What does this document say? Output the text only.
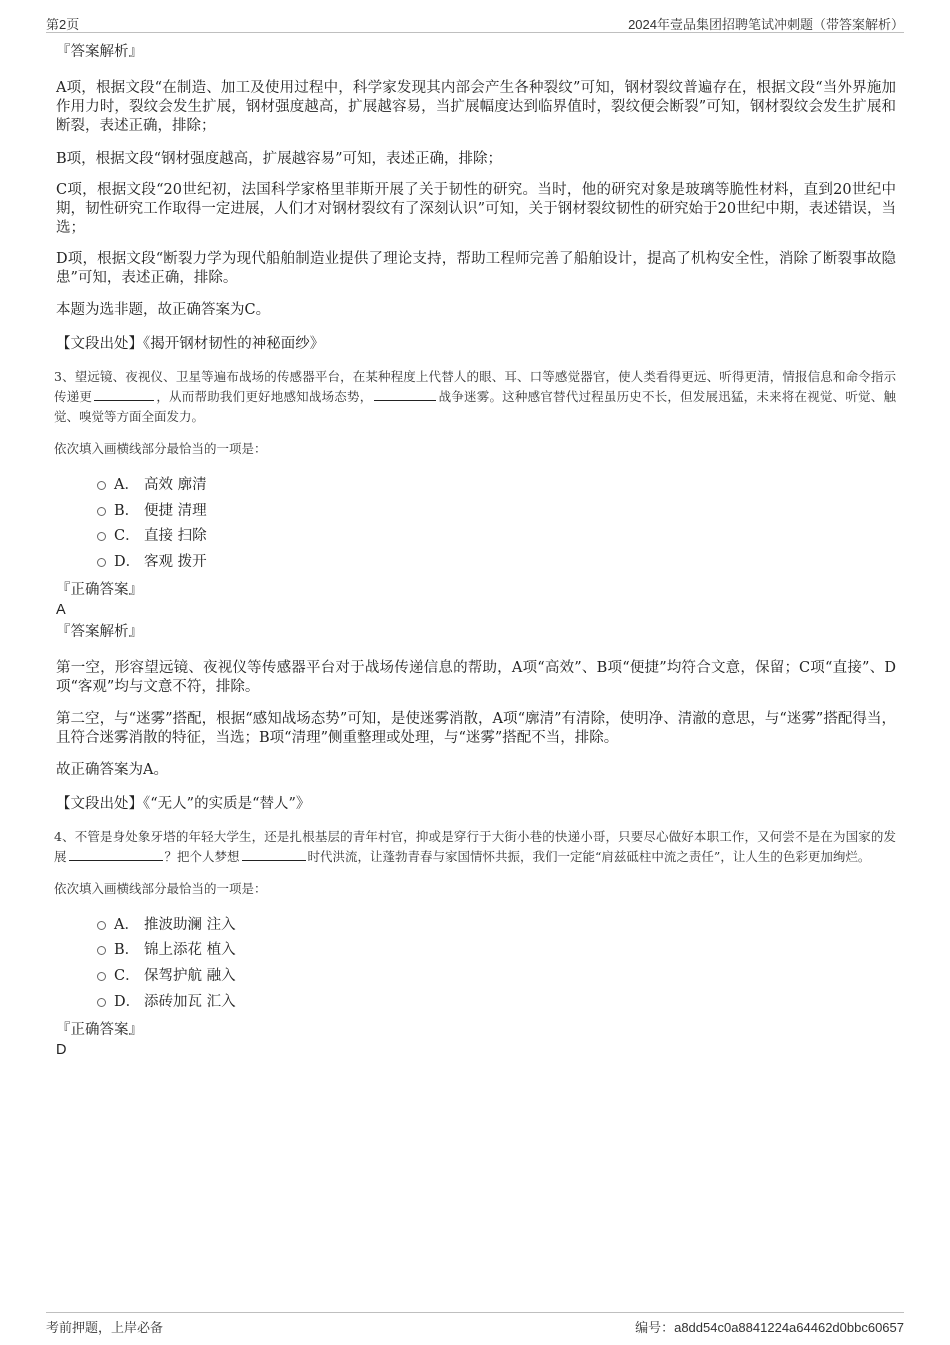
第2页	2024年壹品集团招聘笔试冲刺题（带答案解析）

『答案解析』

A项，根据文段“在制造、加工及使用过程中，科学家发现其内部会产生各种裂纹”可知，钢材裂纹普遍存在，根据文段“当外界施加作用力时，裂纹会发生扩展，钢材强度越高，扩展越容易，当扩展幅度达到临界值时，裂纹便会断裂”可知，钢材裂纹会发生扩展和断裂，表述正确，排除；

B项，根据文段“钢材强度越高，扩展越容易”可知，表述正确，排除；

C项，根据文段“20世纪初，法国科学家格里菲斯开展了关于韧性的研究。当时，他的研究对象是玻璃等脆性材料，直到20世纪中期，韧性研究工作取得一定进展，人们才对钢材裂纹有了深刻认识”可知，关于钢材裂纹韧性的研究始于20世纪中期，表述错误，当选；

D项，根据文段“断裂力学为现代船舶制造业提供了理论支持，帮助工程师完善了船舶设计，提高了机构安全性，消除了断裂事故隐患”可知，表述正确，排除。

本题为选非题，故正确答案为C。

【文段出处】《揭开钢材韧性的神秘面纱》

3、望远镜、夜视仪、卫星等遍布战场的传感器平台，在某种程度上代替人的眼、耳、口等感觉器官，使人类看得更远、听得更清，情报信息和命令指示传递更	，从而帮助我们更好地感知战场态势，	战争迷雾。这种感官替代过程虽历史不长，但发展迅猛，未来将在视觉、听觉、触觉、嗅觉等方面全面发力。

依次填入画横线部分最恰当的一项是：

A． 高效 廓清
B． 便捷 清理
C． 直接 扫除
D． 客观 拨开

『正确答案』

A

『答案解析』

第一空，形容望远镜、夜视仪等传感器平台对于战场传递信息的帮助，A项“高效”、B项“便捷”均符合文意，保留；C项“直接”、D项“客观”均与文意不符，排除。

第二空，与“迷雾”搭配，根据“感知战场态势”可知，是使迷雾消散，A项“廓清”有清除，使明净、清澈的意思，与“迷雾”搭配得当，且符合迷雾消散的特征，当选；B项“清理”侧重整理或处理，与“迷雾”搭配不当，排除。

故正确答案为A。

【文段出处】《“无人”的实质是“替人”》

4、不管是身处象牙塔的年轻大学生，还是扎根基层的青年村官，抑或是穿行于大街小巷的快递小哥，只要尽心做好本职工作，又何尝不是在为国家的发展	？把个人梦想	时代洪流，让蓬勃青春与家国情怀共振，我们一定能“肩兹砥柱中流之责任”，让人生的色彩更加绚烂。

依次填入画横线部分最恰当的一项是：

A． 推波助澜 注入
B． 锦上添花 植入
C． 保驾护航 融入
D． 添砖加瓦 汇入

『正确答案』

D

考前押题，上岸必备	编号：a8dd54c0a8841224a64462d0bbc60657
